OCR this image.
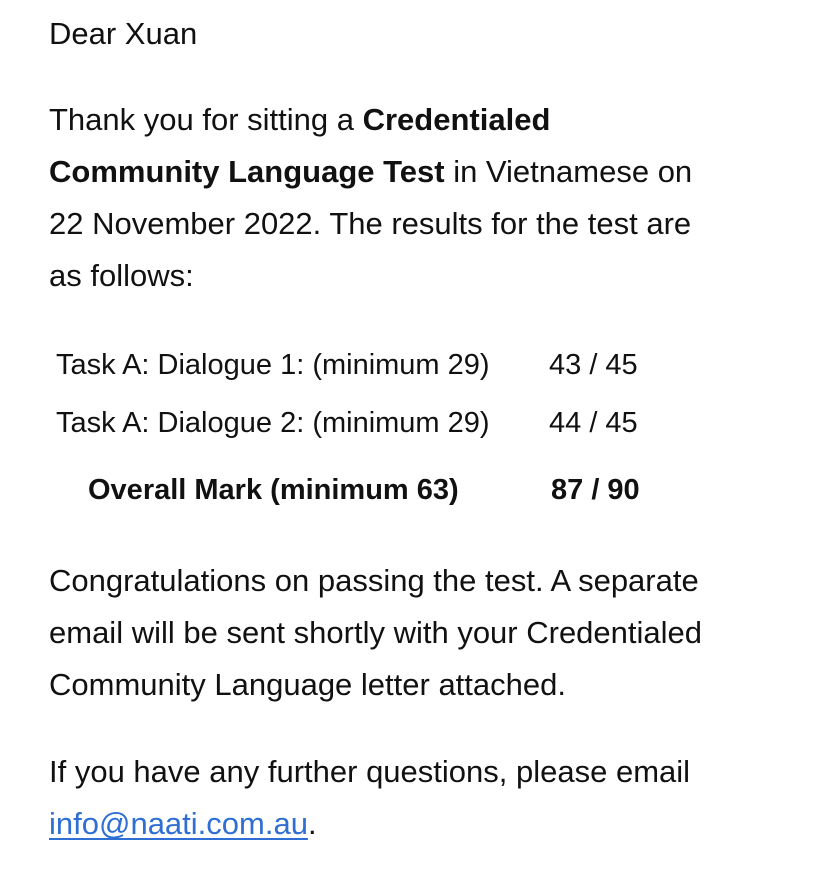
Dear Xuan
Thank you for sitting a Credentialed
Community Language Test in Vietnamese on
22 November 2022. The results for the test are
as follows:
Task A: Dialogue 1: (minimum 29) 43 / 45
Task A: Dialogue 2: (minimum 29) 44 / 45
Overall Mark (minimum 63)	87 / 90
Congratulations on passing the test. A separate
email will be sent shortly with your Credentialed
Community Language letter attached.
If you have any further questions, please email
info@naati.com.au.
